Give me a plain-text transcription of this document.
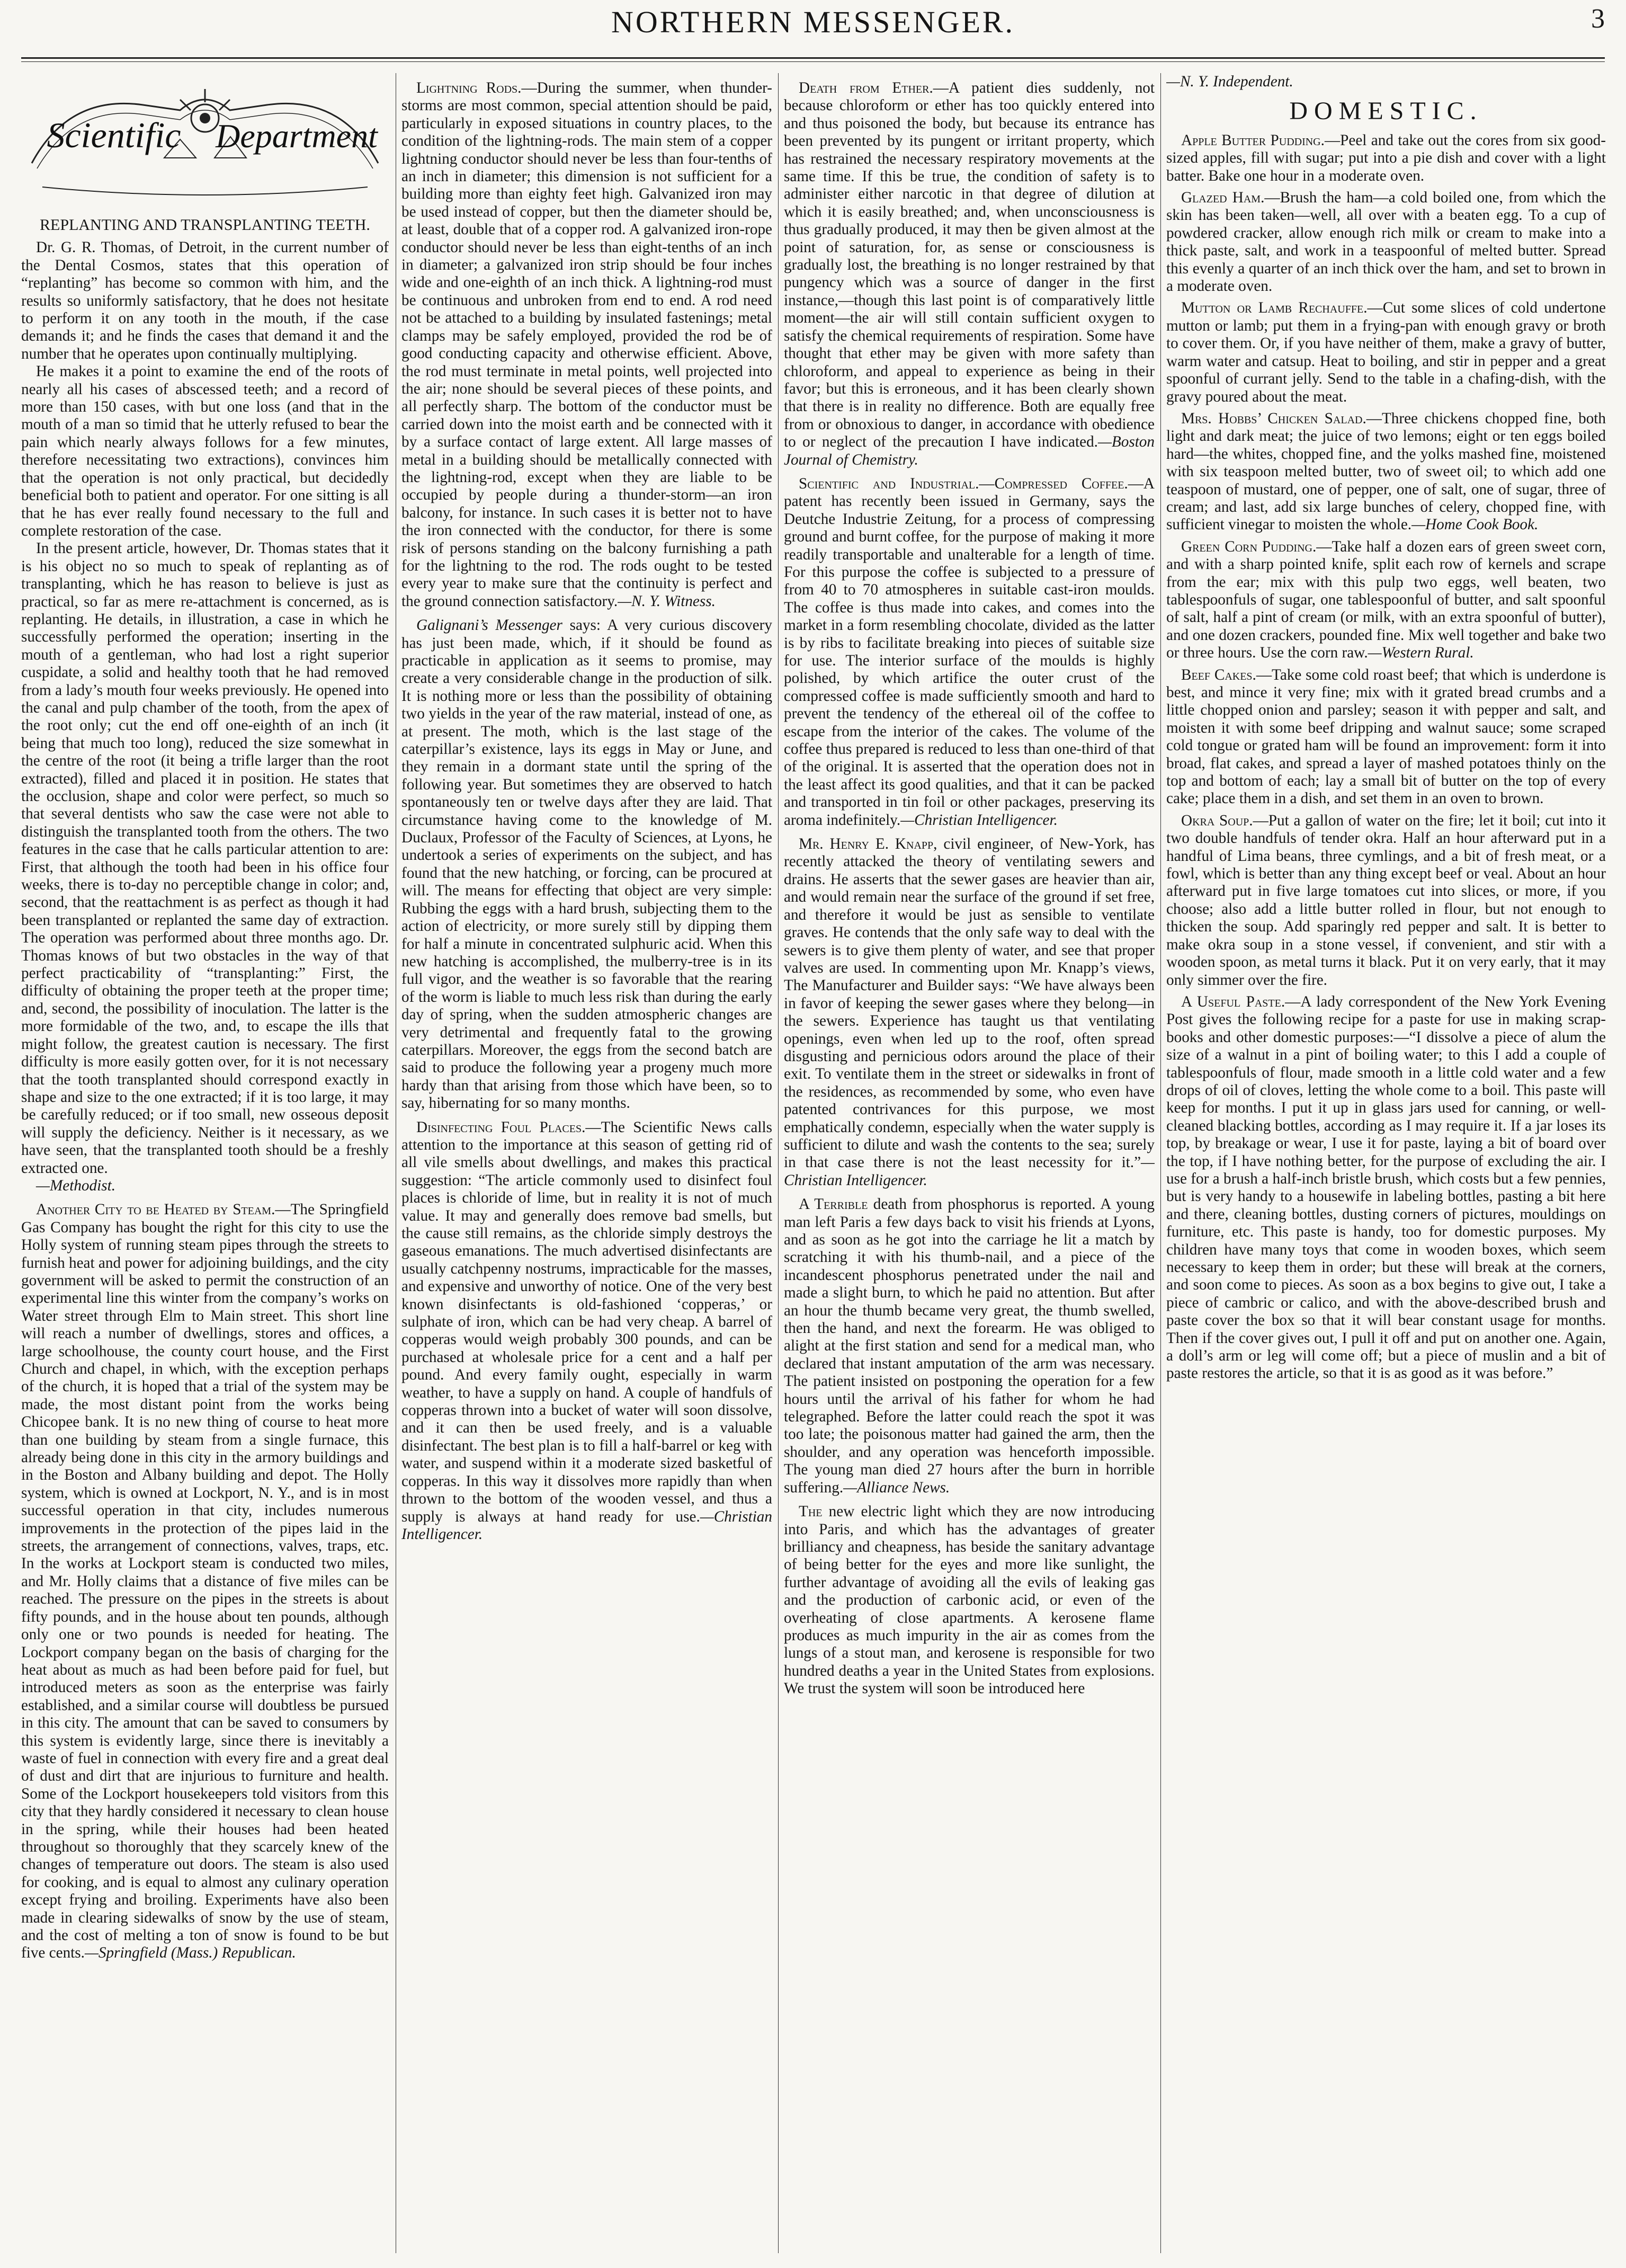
NORTHERN MESSENGER.	3
Scientific Department

REPLANTING AND TRANSPLANTING TEETH.

Dr. G. R. Thomas, of Detroit, in the current number of the Dental Cosmos, states that this operation of “replanting” has become so common with him, and the results so uniformly satisfactory, that he does not hesitate to perform it on any tooth in the mouth, if the case demands it; and he finds the cases that demand it and the number that he operates upon continually multiplying.

He makes it a point to examine the end of the roots of nearly all his cases of abscessed teeth; and a record of more than 150 cases, with but one loss (and that in the mouth of a man so timid that he utterly refused to bear the pain which nearly always follows for a few minutes, therefore necessitating two extractions), convinces him that the operation is not only practical, but decidedly beneficial both to patient and operator. For one sitting is all that he has ever really found necessary to the full and complete restoration of the case.

In the present article, however, Dr. Thomas states that it is his object no so much to speak of replanting as of transplanting, which he has reason to believe is just as practical, so far as mere re-attachment is concerned, as is replanting. He details, in illustration, a case in which he successfully performed the operation; inserting in the mouth of a gentleman, who had lost a right superior cuspidate, a solid and healthy tooth that he had removed from a lady’s mouth four weeks previously. He opened into the canal and pulp chamber of the tooth, from the apex of the root only; cut the end off one-eighth of an inch (it being that much too long), reduced the size somewhat in the centre of the root (it being a trifle larger than the root extracted), filled and placed it in position. He states that the occlusion, shape and color were perfect, so much so that several dentists who saw the case were not able to distinguish the transplanted tooth from the others. The two features in the case that he calls particular attention to are: First, that although the tooth had been in his office four weeks, there is to-day no perceptible change in color; and, second, that the reattachment is as perfect as though it had been transplanted or replanted the same day of extraction. The operation was performed about three months ago. Dr. Thomas knows of but two obstacles in the way of that perfect practicability of “transplanting:” First, the difficulty of obtaining the proper teeth at the proper time; and, second, the possibility of inoculation. The latter is the more formidable of the two, and, to escape the ills that might follow, the greatest caution is necessary. The first difficulty is more easily gotten over, for it is not necessary that the tooth transplanted should correspond exactly in shape and size to the one extracted; if it is too large, it may be carefully reduced; or if too small, new osseous deposit will supply the deficiency. Neither is it necessary, as we have seen, that the transplanted tooth should be a freshly extracted one.

—Methodist.

Another City to be Heated by Steam.—The Springfield Gas Company has bought the right for this city to use the Holly system of running steam pipes through the streets to furnish heat and power for adjoining buildings, and the city government will be asked to permit the construction of an experimental line this winter from the company’s works on Water street through Elm to Main street. This short line will reach a number of dwellings, stores and offices, a large schoolhouse, the county court house, and the First Church and chapel, in which, with the exception perhaps of the church, it is hoped that a trial of the system may be made, the most distant point from the works being Chicopee bank. It is no new thing of course to heat more than one building by steam from a single furnace, this already being done in this city in the armory buildings and in the Boston and Albany building and depot. The Holly system, which is owned at Lockport, N. Y., and is in most successful operation in that city, includes numerous improvements in the protection of the pipes laid in the streets, the arrangement of connections, valves, traps, etc. In the works at Lockport steam is conducted two miles, and Mr. Holly claims that a distance of five miles can be reached. The pressure on the pipes in the streets is about fifty pounds, and in the house about ten pounds, although only one or two pounds is needed for heating. The Lockport company began on the basis of charging for the heat about as much as had been before paid for fuel, but introduced meters as soon as the enterprise was fairly established, and a similar course will doubtless be pursued in this city. The amount that can be saved to consumers by this system is evidently large, since there is inevitably a waste of fuel in connection with every fire and a great deal of dust and dirt that are injurious to furniture and health. Some of the Lockport housekeepers told visitors from this city that they hardly considered it necessary to clean house in the spring, while their houses had been heated throughout so thoroughly that they scarcely knew of the changes of temperature out doors. The steam is also used for cooking, and is equal to almost any culinary operation except frying and broiling. Experiments have also been made in clearing sidewalks of snow by the use of steam, and the cost of melting a ton of snow is found to be but five cents.—Springfield (Mass.) Republican.

Lightning Rods.—During the summer, when thunder-storms are most common, special attention should be paid, particularly in exposed situations in country places, to the condition of the lightning-rods. The main stem of a copper lightning conductor should never be less than four-tenths of an inch in diameter; this dimension is not sufficient for a building more than eighty feet high. Galvanized iron may be used instead of copper, but then the diameter should be, at least, double that of a copper rod. A galvanized iron-rope conductor should never be less than eight-tenths of an inch in diameter; a galvanized iron strip should be four inches wide and one-eighth of an inch thick. A lightning-rod must be continuous and unbroken from end to end. A rod need not be attached to a building by insulated fastenings; metal clamps may be safely employed, provided the rod be of good conducting capacity and otherwise efficient. Above, the rod must terminate in metal points, well projected into the air; none should be several pieces of these points, and all perfectly sharp. The bottom of the conductor must be carried down into the moist earth and be connected with it by a surface contact of large extent. All large masses of metal in a building should be metallically connected with the lightning-rod, except when they are liable to be occupied by people during a thunder-storm—an iron balcony, for instance. In such cases it is better not to have the iron connected with the conductor, for there is some risk of persons standing on the balcony furnishing a path for the lightning to the rod. The rods ought to be tested every year to make sure that the continuity is perfect and the ground connection satisfactory.—N. Y. Witness.

Galignani’s Messenger says: A very curious discovery has just been made, which, if it should be found as practicable in application as it seems to promise, may create a very considerable change in the production of silk. It is nothing more or less than the possibility of obtaining two yields in the year of the raw material, instead of one, as at present. The moth, which is the last stage of the caterpillar’s existence, lays its eggs in May or June, and they remain in a dormant state until the spring of the following year. But sometimes they are observed to hatch spontaneously ten or twelve days after they are laid. That circumstance having come to the knowledge of M. Duclaux, Professor of the Faculty of Sciences, at Lyons, he undertook a series of experiments on the subject, and has found that the new hatching, or forcing, can be procured at will. The means for effecting that object are very simple: Rubbing the eggs with a hard brush, subjecting them to the action of electricity, or more surely still by dipping them for half a minute in concentrated sulphuric acid. When this new hatching is accomplished, the mulberry-tree is in its full vigor, and the weather is so favorable that the rearing of the worm is liable to much less risk than during the early day of spring, when the sudden atmospheric changes are very detrimental and frequently fatal to the growing caterpillars. Moreover, the eggs from the second batch are said to produce the following year a progeny much more hardy than that arising from those which have been, so to say, hibernating for so many months.

Disinfecting Foul Places.—The Scientific News calls attention to the importance at this season of getting rid of all vile smells about dwellings, and makes this practical suggestion: “The article commonly used to disinfect foul places is chloride of lime, but in reality it is not of much value. It may and generally does remove bad smells, but the cause still remains, as the chloride simply destroys the gaseous emanations. The much advertised disinfectants are usually catchpenny nostrums, impracticable for the masses, and expensive and unworthy of notice. One of the very best known disinfectants is old-fashioned ‘copperas,’ or sulphate of iron, which can be had very cheap. A barrel of copperas would weigh probably 300 pounds, and can be purchased at wholesale price for a cent and a half per pound. And every family ought, especially in warm weather, to have a supply on hand. A couple of handfuls of copperas thrown into a bucket of water will soon dissolve, and it can then be used freely, and is a valuable disinfectant. The best plan is to fill a half-barrel or keg with water, and suspend within it a moderate sized basketful of copperas. In this way it dissolves more rapidly than when thrown to the bottom of the wooden vessel, and thus a supply is always at hand ready for use.—Christian Intelligencer.

Death from Ether.—A patient dies suddenly, not because chloroform or ether has too quickly entered into and thus poisoned the body, but because its entrance has been prevented by its pungent or irritant property, which has restrained the necessary respiratory movements at the same time. If this be true, the condition of safety is to administer either narcotic in that degree of dilution at which it is easily breathed; and, when unconsciousness is thus gradually produced, it may then be given almost at the point of saturation, for, as sense or consciousness is gradually lost, the breathing is no longer restrained by that pungency which was a source of danger in the first instance,—though this last point is of comparatively little moment—the air will still contain sufficient oxygen to satisfy the chemical requirements of respiration. Some have thought that ether may be given with more safety than chloroform, and appeal to experience as being in their favor; but this is erroneous, and it has been clearly shown that there is in reality no difference. Both are equally free from or obnoxious to danger, in accordance with obedience to or neglect of the precaution I have indicated.—Boston Journal of Chemistry.

Scientific and Industrial.—Compressed Coffee.—A patent has recently been issued in Germany, says the Deutche Industrie Zeitung, for a process of compressing ground and burnt coffee, for the purpose of making it more readily transportable and unalterable for a length of time. For this purpose the coffee is subjected to a pressure of from 40 to 70 atmospheres in suitable cast-iron moulds. The coffee is thus made into cakes, and comes into the market in a form resembling chocolate, divided as the latter is by ribs to facilitate breaking into pieces of suitable size for use. The interior surface of the moulds is highly polished, by which artifice the outer crust of the compressed coffee is made sufficiently smooth and hard to prevent the tendency of the ethereal oil of the coffee to escape from the interior of the cakes. The volume of the coffee thus prepared is reduced to less than one-third of that of the original. It is asserted that the operation does not in the least affect its good qualities, and that it can be packed and transported in tin foil or other packages, preserving its aroma indefinitely.—Christian Intelligencer.

Mr. Henry E. Knapp, civil engineer, of New-York, has recently attacked the theory of ventilating sewers and drains. He asserts that the sewer gases are heavier than air, and would remain near the surface of the ground if set free, and therefore it would be just as sensible to ventilate graves. He contends that the only safe way to deal with the sewers is to give them plenty of water, and see that proper valves are used. In commenting upon Mr. Knapp’s views, The Manufacturer and Builder says: “We have always been in favor of keeping the sewer gases where they belong—in the sewers. Experience has taught us that ventilating openings, even when led up to the roof, often spread disgusting and pernicious odors around the place of their exit. To ventilate them in the street or sidewalks in front of the residences, as recommended by some, who even have patented contrivances for this purpose, we most emphatically condemn, especially when the water supply is sufficient to dilute and wash the contents to the sea; surely in that case there is not the least necessity for it.”—Christian Intelligencer.

A Terrible death from phosphorus is reported. A young man left Paris a few days back to visit his friends at Lyons, and as soon as he got into the carriage he lit a match by scratching it with his thumb-nail, and a piece of the incandescent phosphorus penetrated under the nail and made a slight burn, to which he paid no attention. But after an hour the thumb became very great, the thumb swelled, then the hand, and next the forearm. He was obliged to alight at the first station and send for a medical man, who declared that instant amputation of the arm was necessary. The patient insisted on postponing the operation for a few hours until the arrival of his father for whom he had telegraphed. Before the latter could reach the spot it was too late; the poisonous matter had gained the arm, then the shoulder, and any operation was henceforth impossible. The young man died 27 hours after the burn in horrible suffering.—Alliance News.

The new electric light which they are now introducing into Paris, and which has the advantages of greater brilliancy and cheapness, has beside the sanitary advantage of being better for the eyes and more like sunlight, the further advantage of avoiding all the evils of leaking gas and the production of carbonic acid, or even of the overheating of close apartments. A kerosene flame produces as much impurity in the air as comes from the lungs of a stout man, and kerosene is responsible for two hundred deaths a year in the United States from explosions. We trust the system will soon be introduced here

—N. Y. Independent.

DOMESTIC.

Apple Butter Pudding.—Peel and take out the cores from six good-sized apples, fill with sugar; put into a pie dish and cover with a light batter. Bake one hour in a moderate oven.

Glazed Ham.—Brush the ham—a cold boiled one, from which the skin has been taken—well, all over with a beaten egg. To a cup of powdered cracker, allow enough rich milk or cream to make into a thick paste, salt, and work in a teaspoonful of melted butter. Spread this evenly a quarter of an inch thick over the ham, and set to brown in a moderate oven.

Mutton or Lamb Rechauffe.—Cut some slices of cold undertone mutton or lamb; put them in a frying-pan with enough gravy or broth to cover them. Or, if you have neither of them, make a gravy of butter, warm water and catsup. Heat to boiling, and stir in pepper and a great spoonful of currant jelly. Send to the table in a chafing-dish, with the gravy poured about the meat.

Mrs. Hobbs’ Chicken Salad.—Three chickens chopped fine, both light and dark meat; the juice of two lemons; eight or ten eggs boiled hard—the whites, chopped fine, and the yolks mashed fine, moistened with six teaspoon melted butter, two of sweet oil; to which add one teaspoon of mustard, one of pepper, one of salt, one of sugar, three of cream; and last, add six large bunches of celery, chopped fine, with sufficient vinegar to moisten the whole.—Home Cook Book.

Green Corn Pudding.—Take half a dozen ears of green sweet corn, and with a sharp pointed knife, split each row of kernels and scrape from the ear; mix with this pulp two eggs, well beaten, two tablespoonfuls of sugar, one tablespoonful of butter, and salt spoonful of salt, half a pint of cream (or milk, with an extra spoonful of butter), and one dozen crackers, pounded fine. Mix well together and bake two or three hours. Use the corn raw.—Western Rural.

Beef Cakes.—Take some cold roast beef; that which is underdone is best, and mince it very fine; mix with it grated bread crumbs and a little chopped onion and parsley; season it with pepper and salt, and moisten it with some beef dripping and walnut sauce; some scraped cold tongue or grated ham will be found an improvement: form it into broad, flat cakes, and spread a layer of mashed potatoes thinly on the top and bottom of each; lay a small bit of butter on the top of every cake; place them in a dish, and set them in an oven to brown.

Okra Soup.—Put a gallon of water on the fire; let it boil; cut into it two double handfuls of tender okra. Half an hour afterward put in a handful of Lima beans, three cymlings, and a bit of fresh meat, or a fowl, which is better than any thing except beef or veal. About an hour afterward put in five large tomatoes cut into slices, or more, if you choose; also add a little butter rolled in flour, but not enough to thicken the soup. Add sparingly red pepper and salt. It is better to make okra soup in a stone vessel, if convenient, and stir with a wooden spoon, as metal turns it black. Put it on very early, that it may only simmer over the fire.

A Useful Paste.—A lady correspondent of the New York Evening Post gives the following recipe for a paste for use in making scrap-books and other domestic purposes:—“I dissolve a piece of alum the size of a walnut in a pint of boiling water; to this I add a couple of tablespoonfuls of flour, made smooth in a little cold water and a few drops of oil of cloves, letting the whole come to a boil. This paste will keep for months. I put it up in glass jars used for canning, or well-cleaned blacking bottles, according as I may require it. If a jar loses its top, by breakage or wear, I use it for paste, laying a bit of board over the top, if I have nothing better, for the purpose of excluding the air. I use for a brush a half-inch bristle brush, which costs but a few pennies, but is very handy to a housewife in labeling bottles, pasting a bit here and there, cleaning bottles, dusting corners of pictures, mouldings on furniture, etc. This paste is handy, too for domestic purposes. My children have many toys that come in wooden boxes, which seem necessary to keep them in order; but these will break at the corners, and soon come to pieces. As soon as a box begins to give out, I take a piece of cambric or calico, and with the above-described brush and paste cover the box so that it will bear constant usage for months. Then if the cover gives out, I pull it off and put on another one. Again, a doll’s arm or leg will come off; but a piece of muslin and a bit of paste restores the article, so that it is as good as it was before.”
